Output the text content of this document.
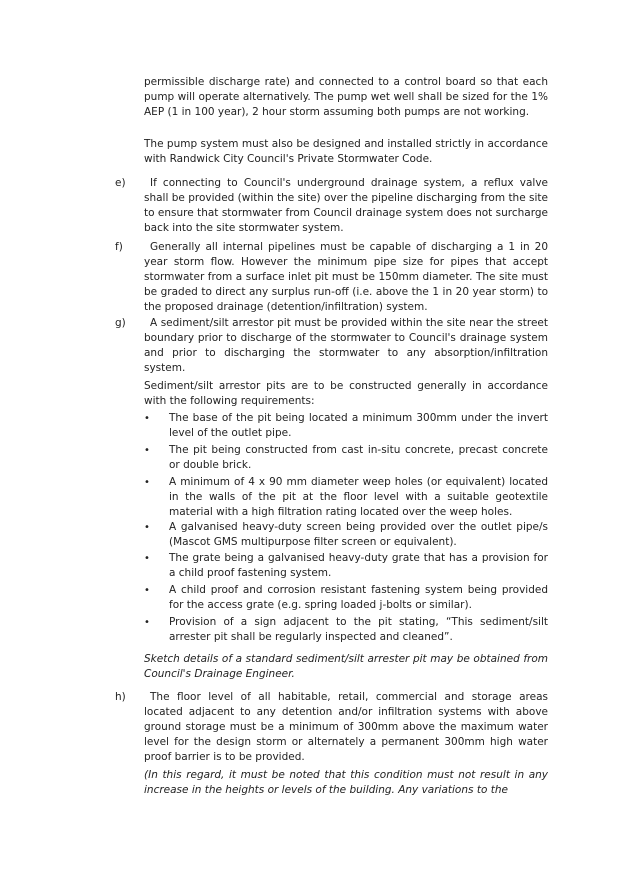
permissible discharge rate) and connected to a control board so that each pump will operate alternatively. The pump wet well shall be sized for the 1% AEP (1 in 100 year), 2 hour storm assuming both pumps are not working.

The pump system must also be designed and installed strictly in accordance with Randwick City Council's Private Stormwater Code.

e)	If connecting to Council's underground drainage system, a reflux valve shall be provided (within the site) over the pipeline discharging from the site to ensure that stormwater from Council drainage system does not surcharge back into the site stormwater system.

f)	Generally all internal pipelines must be capable of discharging a 1 in 20 year storm flow. However the minimum pipe size for pipes that accept stormwater from a surface inlet pit must be 150mm diameter. The site must be graded to direct any surplus run-off (i.e. above the 1 in 20 year storm) to the proposed drainage (detention/infiltration) system.

g)	A sediment/silt arrestor pit must be provided within the site near the street boundary prior to discharge of the stormwater to Council's drainage system and prior to discharging the stormwater to any absorption/infiltration system.

Sediment/silt arrestor pits are to be constructed generally in accordance with the following requirements:

• The base of the pit being located a minimum 300mm under the invert level of the outlet pipe.

• The pit being constructed from cast in-situ concrete, precast concrete or double brick.

• A minimum of 4 x 90 mm diameter weep holes (or equivalent) located in the walls of the pit at the floor level with a suitable geotextile material with a high filtration rating located over the weep holes.

• A galvanised heavy-duty screen being provided over the outlet pipe/s (Mascot GMS multipurpose filter screen or equivalent).

• The grate being a galvanised heavy-duty grate that has a provision for a child proof fastening system.

• A child proof and corrosion resistant fastening system being provided for the access grate (e.g. spring loaded j-bolts or similar).

• Provision of a sign adjacent to the pit stating, “This sediment/silt arrester pit shall be regularly inspected and cleaned”.

Sketch details of a standard sediment/silt arrester pit may be obtained from Council's Drainage Engineer.

h)	The floor level of all habitable, retail, commercial and storage areas located adjacent to any detention and/or infiltration systems with above ground storage must be a minimum of 300mm above the maximum water level for the design storm or alternately a permanent 300mm high water proof barrier is to be provided.

(In this regard, it must be noted that this condition must not result in any increase in the heights or levels of the building. Any variations to the
